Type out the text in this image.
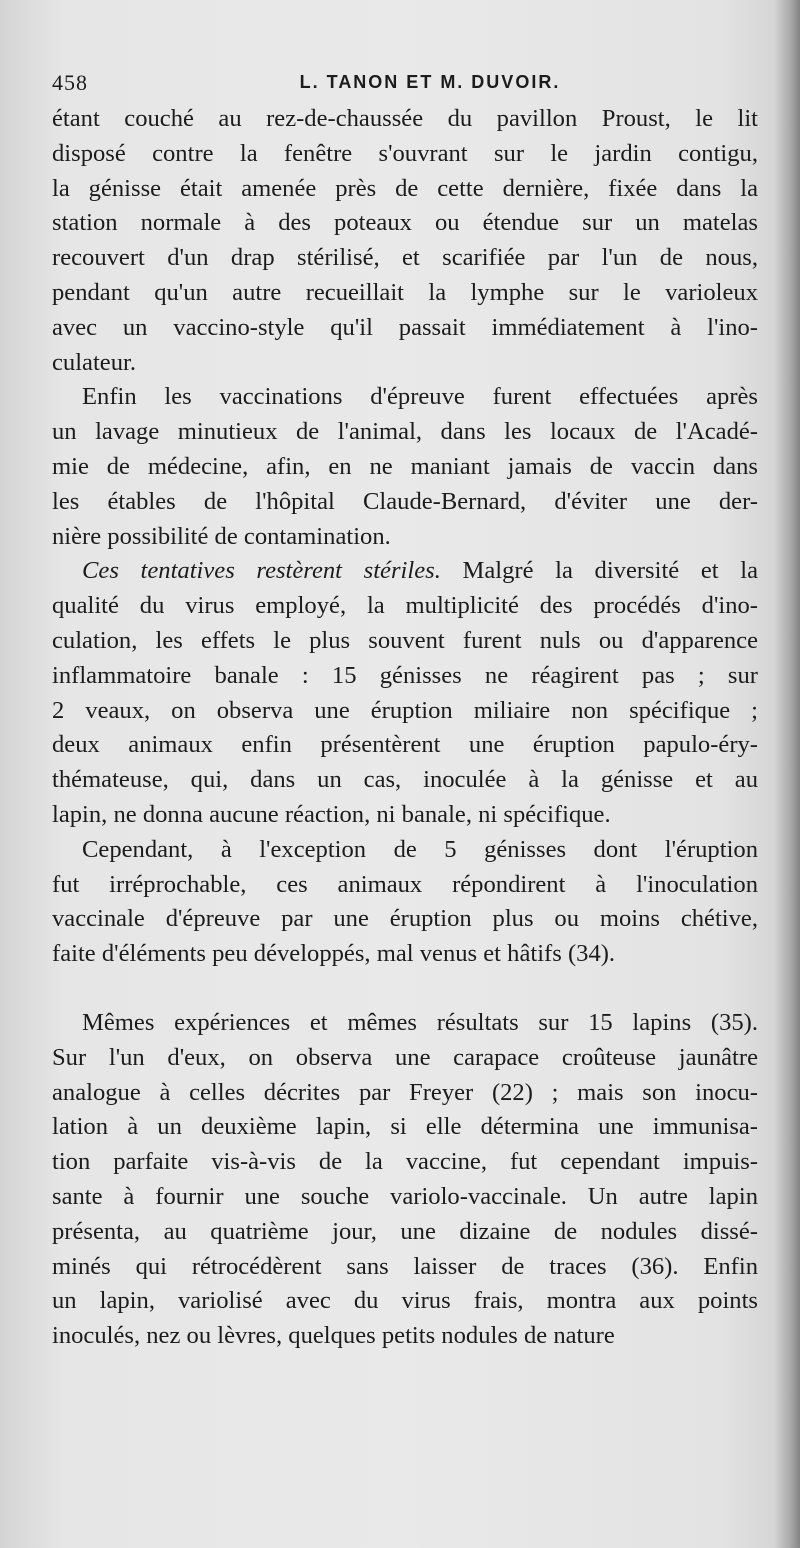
458	L. TANON ET M. DUVOIR.
étant couché au rez-de-chaussée du pavillon Proust, le lit
disposé contre la fenêtre s'ouvrant sur le jardin contigu,
la génisse était amenée près de cette dernière, fixée dans la
station normale à des poteaux ou étendue sur un matelas
recouvert d'un drap stérilisé, et scarifiée par l'un de nous,
pendant qu'un autre recueillait la lymphe sur le varioleux
avec un vaccino-style qu'il passait immédiatement à l'ino-
culateur.
Enfin les vaccinations d'épreuve furent effectuées après
un lavage minutieux de l'animal, dans les locaux de l'Acadé-
mie de médecine, afin, en ne maniant jamais de vaccin dans
les étables de l'hôpital Claude-Bernard, d'éviter une der-
nière possibilité de contamination.
Ces tentatives restèrent stériles. Malgré la diversité et la
qualité du virus employé, la multiplicité des procédés d'ino-
culation, les effets le plus souvent furent nuls ou d'apparence
inflammatoire banale : 15 génisses ne réagirent pas ; sur
2 veaux, on observa une éruption miliaire non spécifique ;
deux animaux enfin présentèrent une éruption papulo-éry-
thémateuse, qui, dans un cas, inoculée à la génisse et au
lapin, ne donna aucune réaction, ni banale, ni spécifique.
Cependant, à l'exception de 5 génisses dont l'éruption
fut irréprochable, ces animaux répondirent à l'inoculation
vaccinale d'épreuve par une éruption plus ou moins chétive,
faite d'éléments peu développés, mal venus et hâtifs (34).
Mêmes expériences et mêmes résultats sur 15 lapins (35).
Sur l'un d'eux, on observa une carapace croûteuse jaunâtre
analogue à celles décrites par Freyer (22) ; mais son inocu-
lation à un deuxième lapin, si elle détermina une immunisa-
tion parfaite vis-à-vis de la vaccine, fut cependant impuis-
sante à fournir une souche variolo-vaccinale. Un autre lapin
présenta, au quatrième jour, une dizaine de nodules dissé-
minés qui rétrocédèrent sans laisser de traces (36). Enfin
un lapin, variolisé avec du virus frais, montra aux points
inoculés, nez ou lèvres, quelques petits nodules de nature
